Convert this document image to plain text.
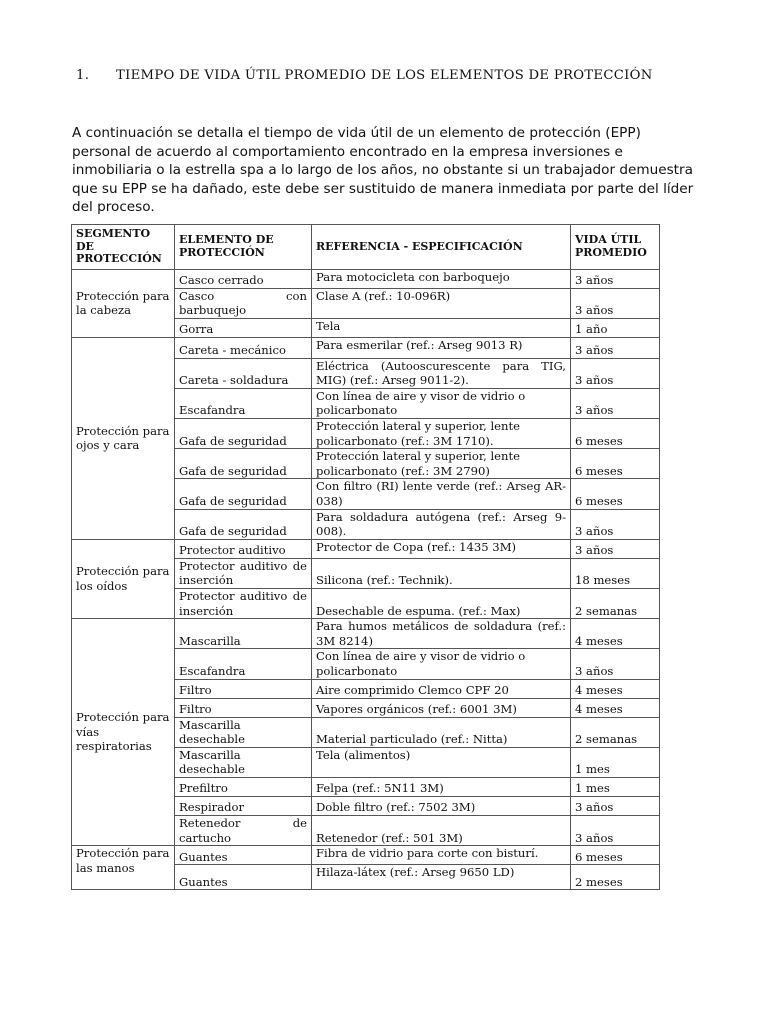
1. TIEMPO DE VIDA ÚTIL PROMEDIO DE LOS ELEMENTOS DE PROTECCIÓN

A continuación se detalla el tiempo de vida útil de un elemento de protección (EPP) personal de acuerdo al comportamiento encontrado en la empresa inversiones e inmobiliaria o la estrella spa a lo largo de los años, no obstante si un trabajador demuestra que su EPP se ha dañado, este debe ser sustituido de manera inmediata por parte del líder del proceso.

SEGMENTO DE PROTECCIÓN	ELEMENTO DE PROTECCIÓN	REFERENCIA - ESPECIFICACIÓN	VIDA ÚTIL PROMEDIO
Protección para la cabeza	Casco cerrado	Para motocicleta con barboquejo	3 años
	Casco con barbuquejo	Clase A (ref.: 10-096R)	3 años
	Gorra	Tela	1 año
Protección para ojos y cara	Careta - mecánico	Para esmerilar (ref.: Arseg 9013 R)	3 años
	Careta - soldadura	Eléctrica (Autooscurescente para TIG, MIG) (ref.: Arseg 9011-2).	3 años
	Escafandra	Con línea de aire y visor de vidrio o policarbonato	3 años
	Gafa de seguridad	Protección lateral y superior, lente policarbonato (ref.: 3M 1710).	6 meses
	Gafa de seguridad	Protección lateral y superior, lente policarbonato (ref.: 3M 2790)	6 meses
	Gafa de seguridad	Con filtro (RI) lente verde (ref.: Arseg AR-038)	6 meses
	Gafa de seguridad	Para soldadura autógena (ref.: Arseg 9-008).	3 años
Protección para los oídos	Protector auditivo	Protector de Copa (ref.: 1435 3M)	3 años
	Protector auditivo de inserción	Silicona (ref.: Technik).	18 meses
	Protector auditivo de inserción	Desechable de espuma. (ref.: Max)	2 semanas
Protección para vías respiratorias	Mascarilla	Para humos metálicos de soldadura (ref.: 3M 8214)	4 meses
	Escafandra	Con línea de aire y visor de vidrio o policarbonato	3 años
	Filtro	Aire comprimido Clemco CPF 20	4 meses
	Filtro	Vapores orgánicos (ref.: 6001 3M)	4 meses
	Mascarilla desechable	Material particulado (ref.: Nitta)	2 semanas
	Mascarilla desechable	Tela (alimentos)	1 mes
	Prefiltro	Felpa (ref.: 5N11 3M)	1 mes
	Respirador	Doble filtro (ref.: 7502 3M)	3 años
	Retenedor de cartucho	Retenedor (ref.: 501 3M)	3 años
Protección para las manos	Guantes	Fibra de vidrio para corte con bisturí.	6 meses
	Guantes	Hilaza-látex (ref.: Arseg 9650 LD)	2 meses
